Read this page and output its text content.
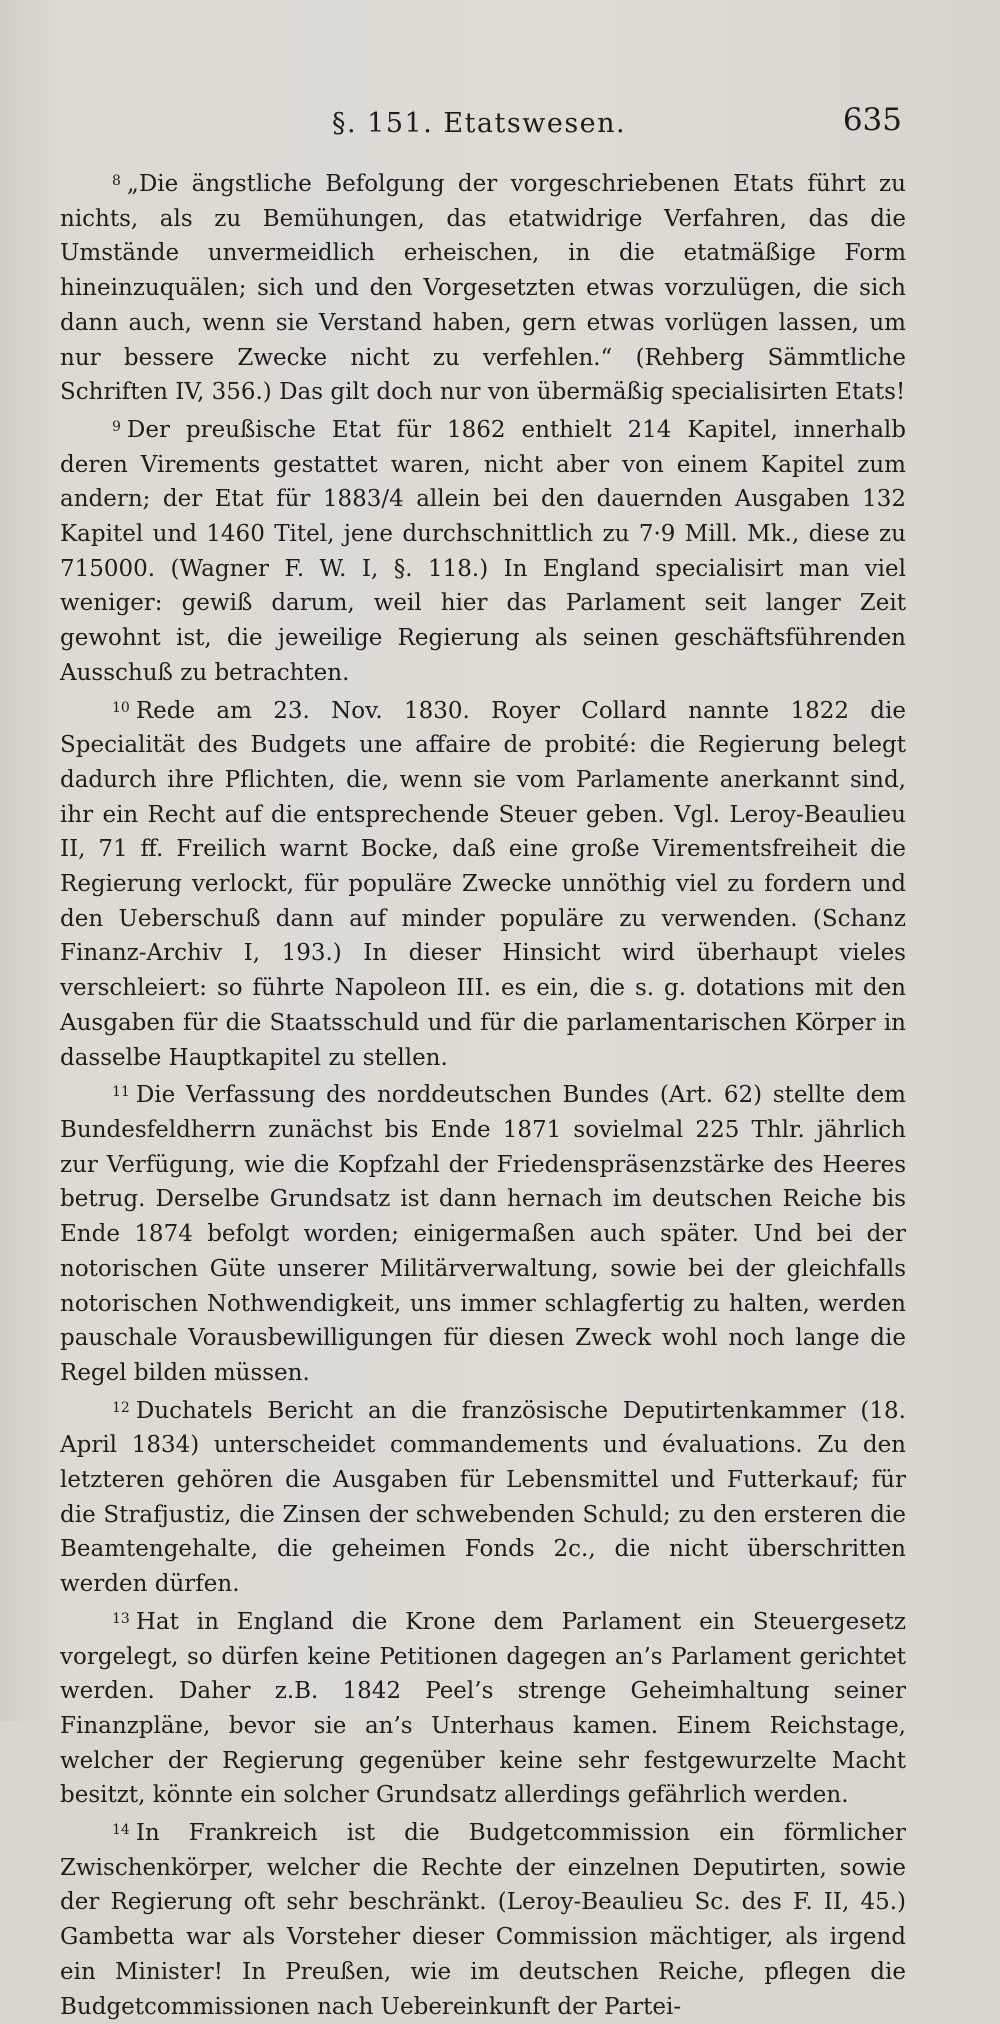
§. 151. Etatswesen.	635

$^8$ „Die ängstliche Befolgung der vorgeschriebenen Etats führt zu nichts, als zu Bemühungen, das etatwidrige Verfahren, das die Umstände unvermeidlich erheischen, in die etatmäßige Form hineinzuquälen; sich und den Vorgesetzten etwas vorzulügen, die sich dann auch, wenn sie Verstand haben, gern etwas vorlügen lassen, um nur bessere Zwecke nicht zu verfehlen.“ (Rehberg Sämmtliche Schriften IV, 356.) Das gilt doch nur von übermäßig specialisirten Etats!

$^9$ Der preußische Etat für 1862 enthielt 214 Kapitel, innerhalb deren Virements gestattet waren, nicht aber von einem Kapitel zum andern; der Etat für 1883/4 allein bei den dauernden Ausgaben 132 Kapitel und 1460 Titel, jene durchschnittlich zu 7·9 Mill. Mk., diese zu 715000. (Wagner F. W. I, §. 118.) In England specialisirt man viel weniger: gewiß darum, weil hier das Parlament seit langer Zeit gewohnt ist, die jeweilige Regierung als seinen geschäftsführenden Ausschuß zu betrachten.

$^{10}$ Rede am 23. Nov. 1830. Royer Collard nannte 1822 die Specialität des Budgets une affaire de probité: die Regierung belegt dadurch ihre Pflichten, die, wenn sie vom Parlamente anerkannt sind, ihr ein Recht auf die entsprechende Steuer geben. Vgl. Leroy-Beaulieu II, 71 ff. Freilich warnt Bocke, daß eine große Virementsfreiheit die Regierung verlockt, für populäre Zwecke unnöthig viel zu fordern und den Ueberschuß dann auf minder populäre zu verwenden. (Schanz Finanz-Archiv I, 193.) In dieser Hinsicht wird überhaupt vieles verschleiert: so führte Napoleon III. es ein, die s. g. dotations mit den Ausgaben für die Staatsschuld und für die parlamentarischen Körper in dasselbe Hauptkapitel zu stellen.

$^{11}$ Die Verfassung des norddeutschen Bundes (Art. 62) stellte dem Bundesfeldherrn zunächst bis Ende 1871 sovielmal 225 Thlr. jährlich zur Verfügung, wie die Kopfzahl der Friedenspräsenzstärke des Heeres betrug. Derselbe Grundsatz ist dann hernach im deutschen Reiche bis Ende 1874 befolgt worden; einigermaßen auch später. Und bei der notorischen Güte unserer Militärverwaltung, sowie bei der gleichfalls notorischen Nothwendigkeit, uns immer schlagfertig zu halten, werden pauschale Vorausbewilligungen für diesen Zweck wohl noch lange die Regel bilden müssen.

$^{12}$ Duchatels Bericht an die französische Deputirtenkammer (18. April 1834) unterscheidet commandements und évaluations. Zu den letzteren gehören die Ausgaben für Lebensmittel und Futterkauf; für die Strafjustiz, die Zinsen der schwebenden Schuld; zu den ersteren die Beamtengehalte, die geheimen Fonds 2c., die nicht überschritten werden dürfen.

$^{13}$ Hat in England die Krone dem Parlament ein Steuergesetz vorgelegt, so dürfen keine Petitionen dagegen an’s Parlament gerichtet werden. Daher z.B. 1842 Peel’s strenge Geheimhaltung seiner Finanzpläne, bevor sie an’s Unterhaus kamen. Einem Reichstage, welcher der Regierung gegenüber keine sehr festgewurzelte Macht besitzt, könnte ein solcher Grundsatz allerdings gefährlich werden.

$^{14}$ In Frankreich ist die Budgetcommission ein förmlicher Zwischenkörper, welcher die Rechte der einzelnen Deputirten, sowie der Regierung oft sehr beschränkt. (Leroy-Beaulieu Sc. des F. II, 45.) Gambetta war als Vorsteher dieser Commission mächtiger, als irgend ein Minister! In Preußen, wie im deutschen Reiche, pflegen die Budgetcommissionen nach Uebereinkunft der Partei-
